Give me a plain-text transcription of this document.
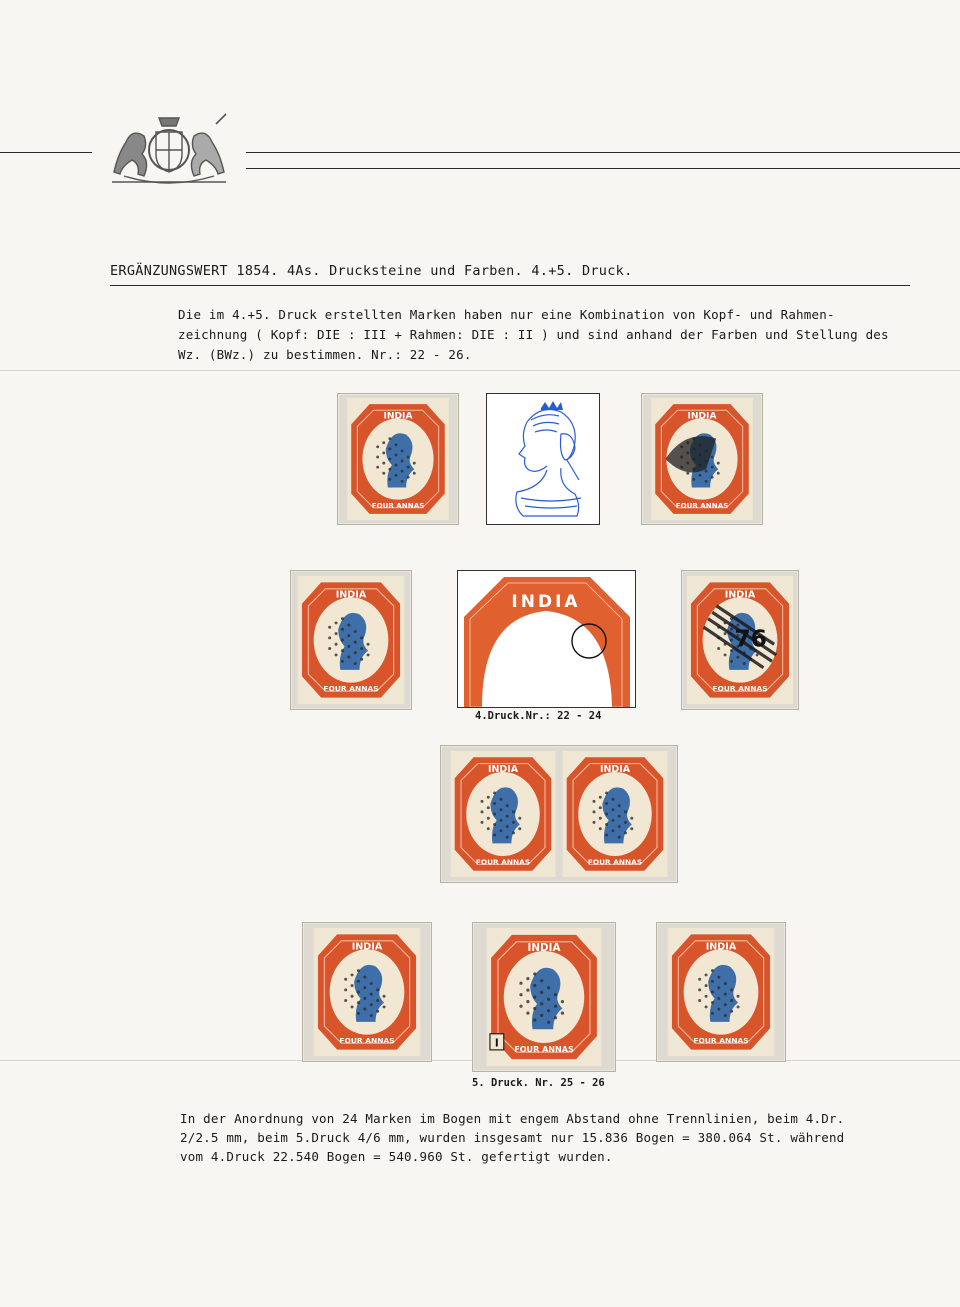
ERGÄNZUNGSWERT 1854. 4As. Drucksteine und Farben. 4.+5. Druck.
Die im 4.+5. Druck erstellten Marken haben nur eine Kombination von Kopf- und Rahmen-
zeichnung ( Kopf: DIE : III + Rahmen: DIE : II ) und sind anhand der Farben und Stellung des
Wz. (BWz.) zu bestimmen. Nr.: 22 - 26.
INDIA
FOUR ANNAS
INDIA
FOUR ANNAS
INDIA
FOUR ANNAS
INDIA
76
INDIA
FOUR ANNAS
4.Druck.Nr.: 22 - 24
INDIA
FOUR ANNAS
INDIA
FOUR ANNAS
INDIA
FOUR ANNAS	I
INDIA
FOUR ANNAS
INDIA
FOUR ANNAS
5. Druck. Nr. 25 - 26
In der Anordnung von 24 Marken im Bogen mit engem Abstand ohne Trennlinien, beim 4.Dr.
2/2.5 mm, beim 5.Druck 4/6 mm, wurden insgesamt nur 15.836 Bogen = 380.064 St. während
vom 4.Druck 22.540 Bogen = 540.960 St. gefertigt wurden.
